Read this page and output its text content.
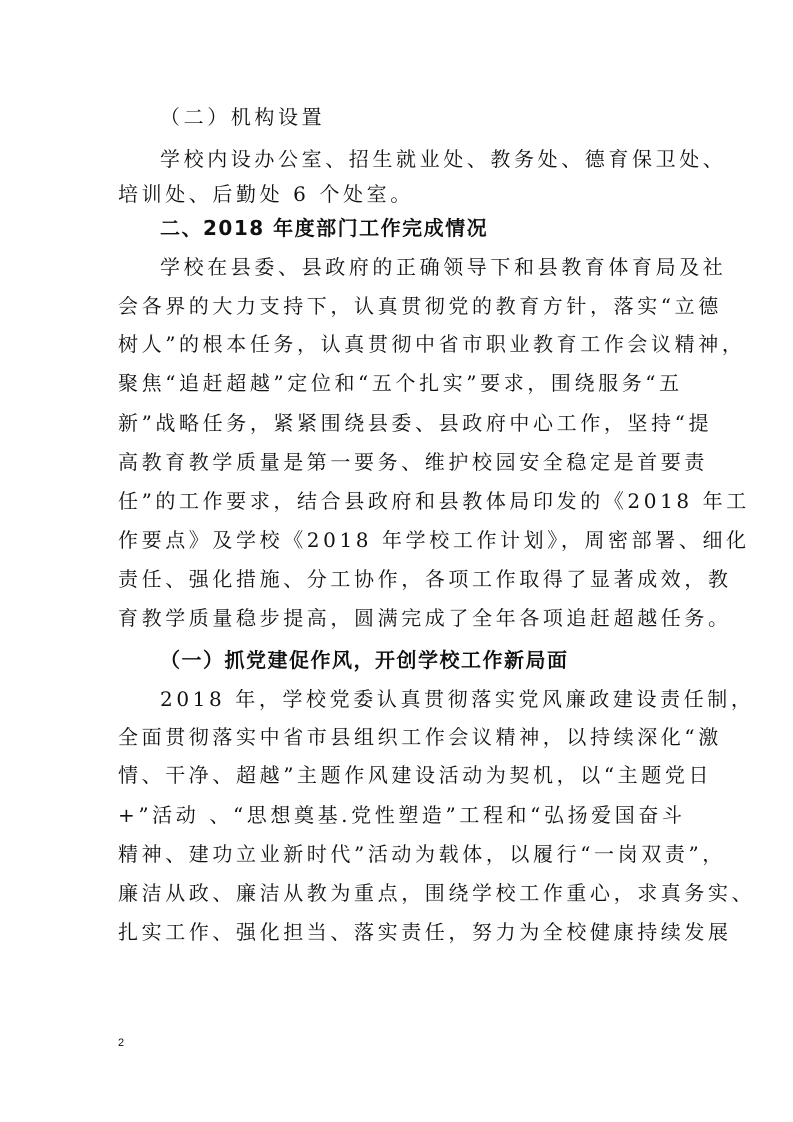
（二）机构设置
学校内设办公室、招生就业处、教务处、德育保卫处、
培训处、后勤处 6 个处室。
二、2018 年度部门工作完成情况
学校在县委、县政府的正确领导下和县教育体育局及社
会各界的大力支持下，认真贯彻党的教育方针，落实“立德
树人”的根本任务，认真贯彻中省市职业教育工作会议精神，
聚焦“追赶超越”定位和“五个扎实”要求，围绕服务“五
新”战略任务，紧紧围绕县委、县政府中心工作，坚持“提
高教育教学质量是第一要务、维护校园安全稳定是首要责
任”的工作要求，结合县政府和县教体局印发的《2018 年工
作要点》及学校《2018 年学校工作计划》，周密部署、细化
责任、强化措施、分工协作，各项工作取得了显著成效，教
育教学质量稳步提高，圆满完成了全年各项追赶超越任务。
（一）抓党建促作风，开创学校工作新局面
2018 年，学校党委认真贯彻落实党风廉政建设责任制，
全面贯彻落实中省市县组织工作会议精神，以持续深化“激
情、干净、超越”主题作风建设活动为契机，以“主题党日
+”活动 、“思想奠基.党性塑造”工程和“弘扬爱国奋斗
精神、建功立业新时代”活动为载体，以履行“一岗双责”，
廉洁从政、廉洁从教为重点，围绕学校工作重心，求真务实、
扎实工作、强化担当、落实责任，努力为全校健康持续发展
2
